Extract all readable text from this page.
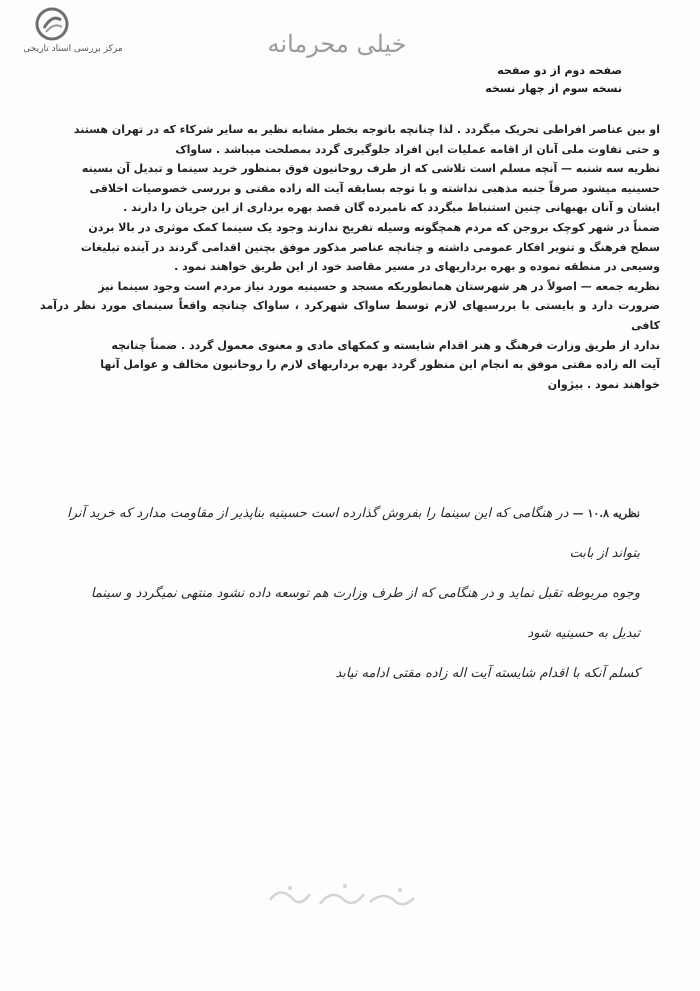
مرکز بررسی اسناد تاریخی	خیلی محرمانه
صفحه دوم از دو صفحه
نسخه سوم از چهار نسخه

او بین عناصر افراطی تحریک میگردد . لذا چنانچه باتوجه بخطر مشابه نظیر به سایر شرکاء که در تهران هستند

و حتی تفاوت ملی آنان از اقامه عملیات این افراد جلوگیری گردد بمصلحت میباشد . ساواک

نظریه سه شنبه — آنچه مسلم است تلاشی که از طرف روحانیون فوق بمنظور خرید سینما و تبدیل آن بسینه

حسینیه میشود صرفاً جنبه مذهبی نداشته و با توجه بسابقه آیت اله زاده مقتی و بررسی خصوصیات اخلاقی

ایشان و آنان بهبهانی چنین استنباط میگردد که نامبرده گان قصد بهره برداری از این جریان را دارند .

ضمناً در شهر کوچک بروجن که مردم همچگونه وسیله تفریح ندارند وجود یک سینما کمک موثری در بالا بردن

سطح فرهنگ و تنویر افکار عمومی داشته و چنانچه عناصر مذکور موفق بچنین اقدامی گردند در آینده تبلیغات

وسیعی در منطقه نموده و بهره برداریهای در مسیر مقاصد خود از این طریق خواهند نمود .

نظریه جمعه — اصولاً در هر شهرستان همانطوریکه مسجد و حسینیه مورد نیاز مردم است وجود سینما نیز

ضرورت دارد و بایستی با بررسیهای لازم توسط ساواک شهرکرد ، ساواک چنانچه واقعاً سینمای مورد نظر درآمد کافی

ندارد از طریق وزارت فرهنگ و هنر اقدام شایسته و کمکهای مادی و معنوی معمول گردد . ضمناً چنانچه

آیت اله زاده مقتی موفق به انجام این منظور گردد بهره برداریهای لازم را روحانیون مخالف و عوامل آنها

خواهند نمود . بیژوان

نظریه ۱۰.۸ — در هنگامی که این سینما را بفروش گذارده است حسینیه بناپذیر از مقاومت مدارد که خرید آنرا بتواند از بابت
وجوه مربوطه تقبل نماید و در هنگامی که از طرف وزارت هم توسعه داده نشود منتهی نمیگردد و سینما تبدیل به حسینیه شود
کسلم آنکه با اقدام شایسته آیت اله زاده مقتی ادامه نیابد
